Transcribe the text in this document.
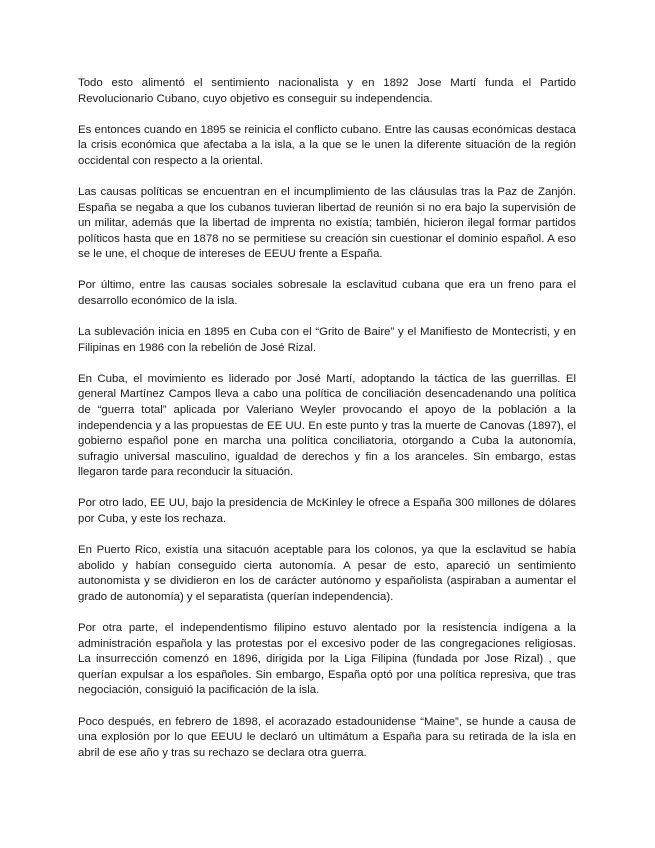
Todo esto alimentó el sentimiento nacionalista y en 1892 Jose Martí funda el Partido Revolucionario Cubano, cuyo objetivo es conseguir su independencia.

Es entonces cuando en 1895 se reinicia el conflicto cubano. Entre las causas económicas destaca la crisis económica que afectaba a la isla, a la que se le unen la diferente situación de la región occidental con respecto a la oriental.

Las causas políticas se encuentran en el incumplimiento de las cláusulas tras la Paz de Zanjón. España se negaba a que los cubanos tuvieran libertad de reunión si no era bajo la supervisión de un militar, además que la libertad de imprenta no existía; también, hicieron ilegal formar partidos políticos hasta que en 1878 no se permitiese su creación sin cuestionar el dominio español. A eso se le une, el choque de intereses de EEUU frente a España.

Por último, entre las causas sociales sobresale la esclavitud cubana que era un freno para el desarrollo económico de la isla.

La sublevación inicia en 1895 en Cuba con el “Grito de Baire” y el Manifiesto de Montecristi, y en Filipinas en 1986 con la rebelión de José Rizal.

En Cuba, el movimiento es liderado por José Martí, adoptando la táctica de las guerrillas. El general Martínez Campos lleva a cabo una política de conciliación desencadenando una política de “guerra total” aplicada por Valeriano Weyler provocando el apoyo de la población a la independencia y a las propuestas de EE UU. En este punto y tras la muerte de Canovas (1897), el gobierno español pone en marcha una política conciliatoria, otorgando a Cuba la autonomía, sufragio universal masculino, igualdad de derechos y fin a los aranceles. Sin embargo, estas llegaron tarde para reconducir la situación.

Por otro lado, EE UU, bajo la presidencia de McKinley le ofrece a España 300 millones de dólares por Cuba, y este los rechaza.

En Puerto Rico, existía una sitacuón aceptable para los colonos, ya que la esclavitud se había abolido y habían conseguido cierta autonomía. A pesar de esto, apareció un sentimiento autonomista y se dividieron en los de carácter autónomo y españolista (aspiraban a aumentar el grado de autonomía) y el separatista (querían independencia).

Por otra parte, el independentismo filipino estuvo alentado por la resistencia indígena a la administración española y las protestas por el excesivo poder de las congregaciones religiosas. La insurrección comenzó en 1896, dirigida por la Liga Filipina (fundada por Jose Rizal) , que querían expulsar a los españoles. Sin embargo, España optó por una política represiva, que tras negociación, consiguió la pacificación de la isla.

Poco después, en febrero de 1898, el acorazado estadounidense “Maine”, se hunde a causa de una explosión por lo que EEUU le declaró un ultimátum a España para su retirada de la isla en abril de ese año y tras su rechazo se declara otra guerra.
